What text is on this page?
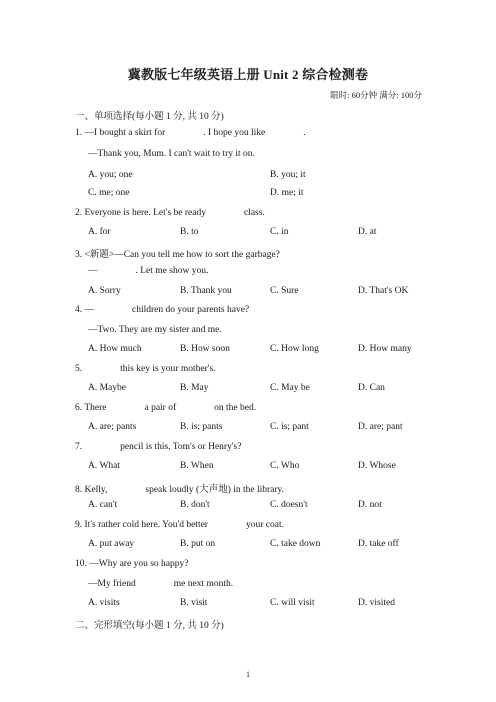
冀教版七年级英语上册 Unit 2 综合检测卷
限时: 60分钟 满分: 100分
一、单项选择(每小题 1 分, 共 10 分)
1. —I bought a skirt for	. I hope you like	.
—Thank you, Mum. I can't wait to try it on.
A. you; one	B. you; it
C. me; one	D. me; it
2. Everyone is here. Let's be ready	class.
A. for	B. to	C. in	D. at
3. <新题>—Can you tell me how to sort the garbage?
—	. Let me show you.
A. Sorry	B. Thank you	C. Sure	D. That's OK
4. —	children do your parents have?
—Two. They are my sister and me.
A. How much	B. How soon	C. How long	D. How many
5.	this key is your mother's.
A. Maybe	B. May	C. May be	D. Can
6. There	a pair of	on the bed.
A. are; pants	B. is; pants	C. is; pant	D. are; pant
7.	pencil is this, Tom's or Henry's?
A. What	B. When	C. Who	D. Whose
8. Kelly,	speak loudly (大声地) in the library.
A. can't	B. don't	C. doesn't	D. not
9. It's rather cold here. You'd better	your coat.
A. put away	B. put on	C. take down	D. take off
10. —Why are you so happy?
—My friend	me next month.
A. visits	B. visit	C. will visit	D. visited
二、完形填空(每小题 1 分, 共 10 分)
1
